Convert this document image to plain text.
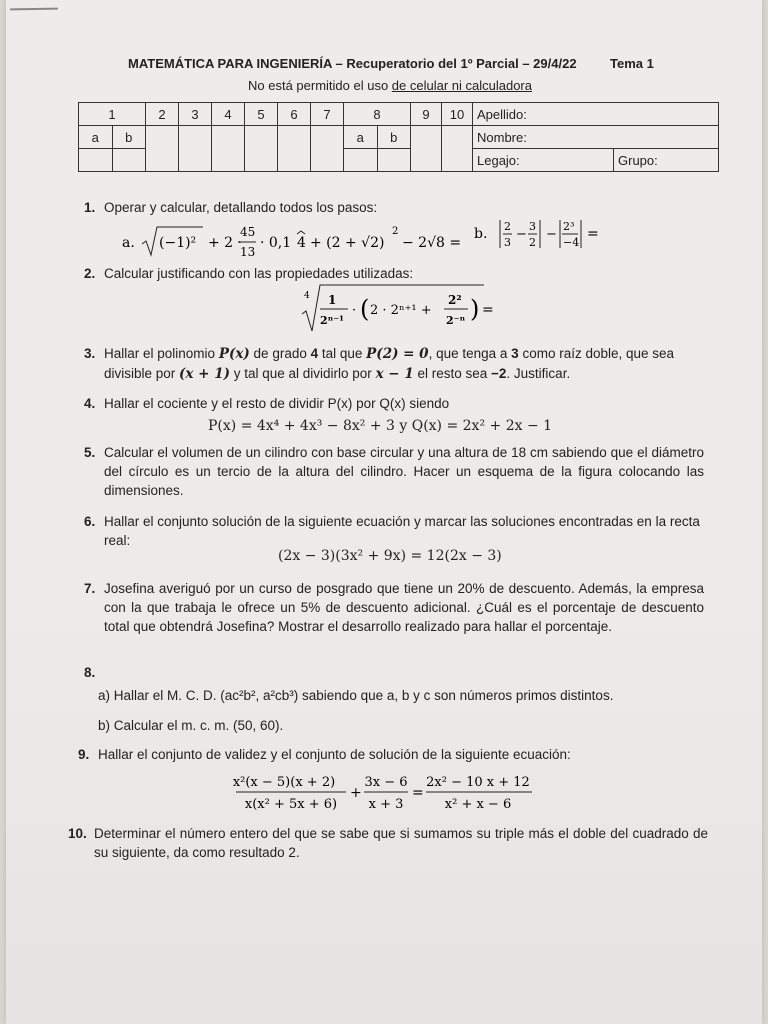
MATEMÁTICA PARA INGENIERÍA – Recuperatorio del 1º Parcial – 29/4/22	Tema 1
No está permitido el uso de celular ni calculadora
1		2	3	4	5	6	7	8		9	10	Apellido:	
a	b							a	b			Nombre:	
												Legajo:	Grupo:
1. Operar y calcular, detallando todos los pasos:
a. (−1)² + 2 ·
45
13
· 0,1 4 + (2 + √2)
2
− 2√8 =
b. 2
3
−
3
2
−
2³
−4
=
2. Calcular justificando con las propiedades utilizadas:
4 1
2ⁿ⁻¹
· ( 2 · 2ⁿ⁺¹ +
2²
2⁻ⁿ ) =
3. Hallar el polinomio P(x) de grado 4 tal que P(2) = 0, que tenga a 3 como raíz doble, que sea
divisible por (x + 1) y tal que al dividirlo por x − 1 el resto sea −2. Justificar.
4. Hallar el cociente y el resto de dividir P(x) por Q(x) siendo
P(x) = 4x⁴ + 4x³ − 8x² + 3 y Q(x) = 2x² + 2x − 1
5. Calcular el volumen de un cilindro con base circular y una altura de 18 cm sabiendo que el diámetro del círculo es un tercio de la altura del cilindro. Hacer un esquema de la figura colocando las dimensiones.
6. Hallar el conjunto solución de la siguiente ecuación y marcar las soluciones encontradas en la recta real:
(2x − 3)(3x² + 9x) = 12(2x − 3)
7. Josefina averiguó por un curso de posgrado que tiene un 20% de descuento. Además, la empresa con la que trabaja le ofrece un 5% de descuento adicional. ¿Cuál es el porcentaje de descuento total que obtendrá Josefina? Mostrar el desarrollo realizado para hallar el porcentaje.
8.
a) Hallar el M. C. D. (ac²b², a²cb³) sabiendo que a, b y c son números primos distintos.
b) Calcular el m. c. m. (50, 60).
9. Hallar el conjunto de validez y el conjunto de solución de la siguiente ecuación:
x²(x − 5)(x + 2)
x(x² + 5x + 6)
+
3x − 6
x + 3
=
2x² − 10 x + 12
x² + x − 6
10. Determinar el número entero del que se sabe que si sumamos su triple más el doble del cuadrado de su siguiente, da como resultado 2.
